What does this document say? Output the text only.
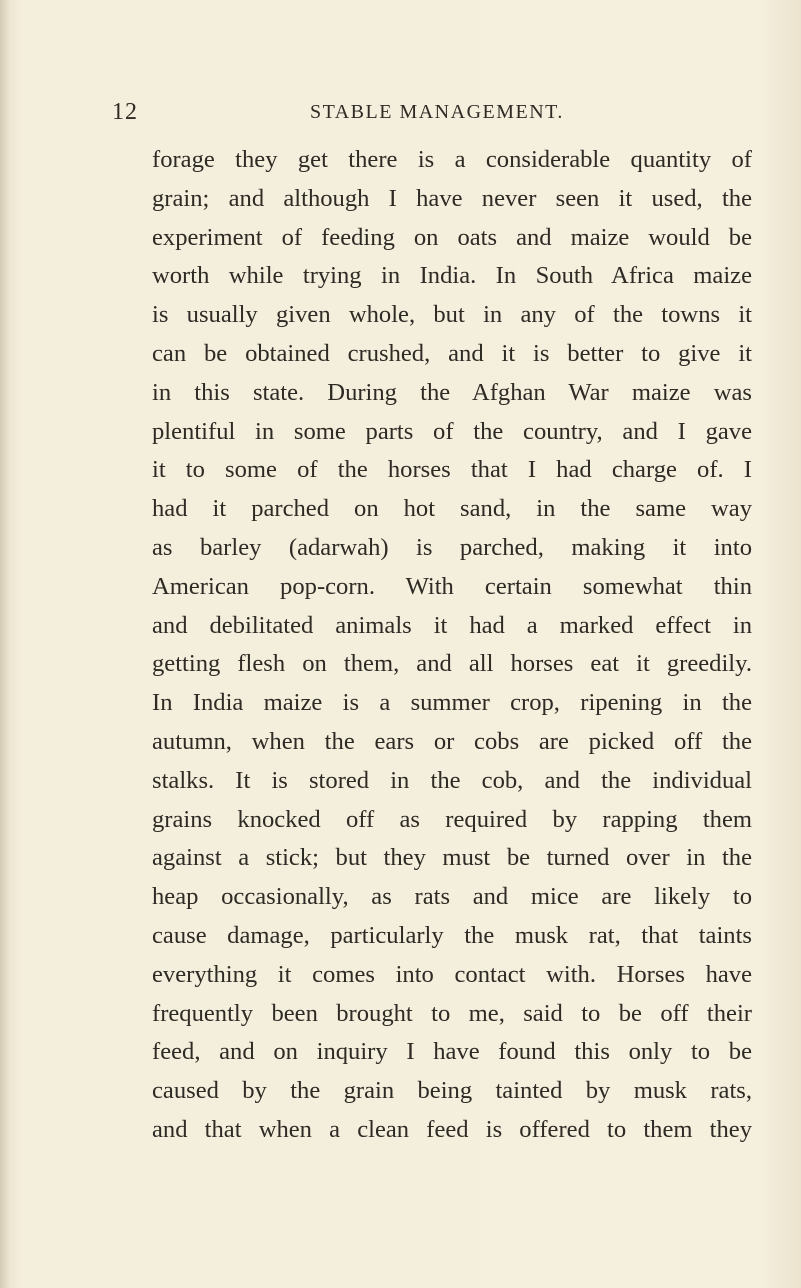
12	STABLE MANAGEMENT.
forage they get there is a considerable quantity of
grain; and although I have never seen it used, the
experiment of feeding on oats and maize would be
worth while trying in India. In South Africa maize
is usually given whole, but in any of the towns it
can be obtained crushed, and it is better to give it
in this state. During the Afghan War maize was
plentiful in some parts of the country, and I gave
it to some of the horses that I had charge of. I
had it parched on hot sand, in the same way
as barley (adarwah) is parched, making it into
American pop-corn. With certain somewhat thin
and debilitated animals it had a marked effect in
getting flesh on them, and all horses eat it greedily.
In India maize is a summer crop, ripening in the
autumn, when the ears or cobs are picked off the
stalks. It is stored in the cob, and the individual
grains knocked off as required by rapping them
against a stick; but they must be turned over in the
heap occasionally, as rats and mice are likely to
cause damage, particularly the musk rat, that taints
everything it comes into contact with. Horses have
frequently been brought to me, said to be off their
feed, and on inquiry I have found this only to be
caused by the grain being tainted by musk rats,
and that when a clean feed is offered to them they
